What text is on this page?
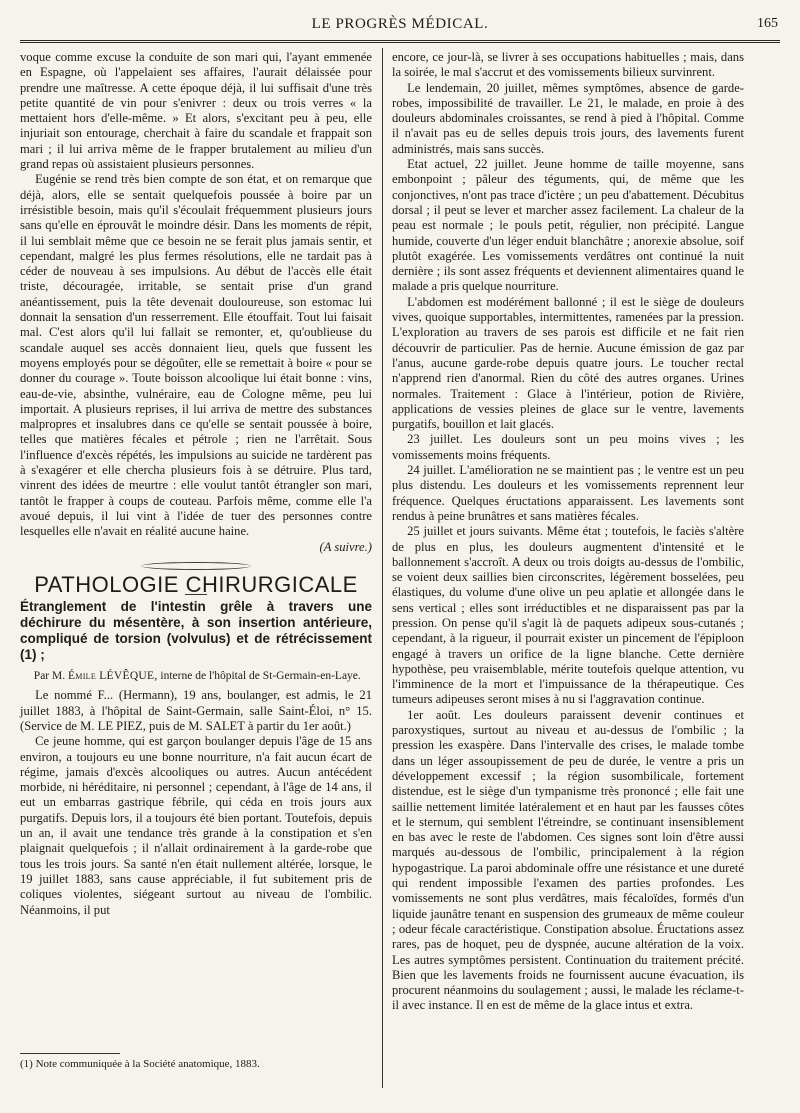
LE PROGRÈS MÉDICAL.	165

voque comme excuse la conduite de son mari qui, l'ayant emmenée en Espagne, où l'appelaient ses affaires, l'aurait délaissée pour prendre une maîtresse. A cette époque déjà, il lui suffisait d'une très petite quantité de vin pour s'enivrer : deux ou trois verres « la mettaient hors d'elle-même. » Et alors, s'excitant peu à peu, elle injuriait son entourage, cherchait à faire du scandale et frappait son mari ; il lui arriva même de le frapper brutalement au milieu d'un grand repas où assistaient plusieurs personnes.

Eugénie se rend très bien compte de son état, et on remarque que déjà, alors, elle se sentait quelquefois poussée à boire par un irrésistible besoin, mais qu'il s'écoulait fréquemment plusieurs jours sans qu'elle en éprouvât le moindre désir. Dans les moments de répit, il lui semblait même que ce besoin ne se ferait plus jamais sentir, et cependant, malgré les plus fermes résolutions, elle ne tardait pas à céder de nouveau à ses impulsions. Au début de l'accès elle était triste, découragée, irritable, se sentait prise d'un grand anéantissement, puis la tête devenait douloureuse, son estomac lui donnait la sensation d'un resserrement. Elle étouffait. Tout lui faisait mal. C'est alors qu'il lui fallait se remonter, et, qu'oublieuse du scandale auquel ses accès donnaient lieu, quels que fussent les moyens employés pour se dégoûter, elle se remettait à boire « pour se donner du courage ». Toute boisson alcoolique lui était bonne : vins, eau-de-vie, absinthe, vulnéraire, eau de Cologne même, peu lui importait. A plusieurs reprises, il lui arriva de mettre des substances malpropres et insalubres dans ce qu'elle se sentait poussée à boire, telles que matières fécales et pétrole ; rien ne l'arrêtait. Sous l'influence d'excès répétés, les impulsions au suicide ne tardèrent pas à s'exagérer et elle chercha plusieurs fois à se détruire. Plus tard, vinrent des idées de meurtre : elle voulut tantôt étrangler son mari, tantôt le frapper à coups de couteau. Parfois même, comme elle l'a avoué depuis, il lui vint à l'idée de tuer des personnes contre lesquelles elle n'avait en réalité aucune haine.

(A suivre.)
PATHOLOGIE CHIRURGICALE
Étranglement de l'intestin grêle à travers une déchirure du mésentère, à son insertion antérieure, compliqué de torsion (volvulus) et de rétrécissement (1) ;
Par M. Émile LÉVÊQUE, interne de l'hôpital de St-Germain-en-Laye.

Le nommé F... (Hermann), 19 ans, boulanger, est admis, le 21 juillet 1883, à l'hôpital de Saint-Germain, salle Saint-Éloi, n° 15. (Service de M. LE PIEZ, puis de M. SALET à partir du 1er août.)

Ce jeune homme, qui est garçon boulanger depuis l'âge de 15 ans environ, a toujours eu une bonne nourriture, n'a fait aucun écart de régime, jamais d'excès alcooliques ou autres. Aucun antécédent morbide, ni héréditaire, ni personnel ; cependant, à l'âge de 14 ans, il eut un embarras gastrique fébrile, qui céda en trois jours aux purgatifs. Depuis lors, il a toujours été bien portant. Toutefois, depuis un an, il avait une tendance très grande à la constipation et s'en plaignait quelquefois ; il n'allait ordinairement à la garde-robe que tous les trois jours. Sa santé n'en était nullement altérée, lorsque, le 19 juillet 1883, sans cause appréciable, il fut subitement pris de coliques violentes, siégeant surtout au niveau de l'ombilic. Néanmoins, il put

(1) Note communiquée à la Société anatomique, 1883.

encore, ce jour-là, se livrer à ses occupations habituelles ; mais, dans la soirée, le mal s'accrut et des vomissements bilieux survinrent.

Le lendemain, 20 juillet, mêmes symptômes, absence de garde-robes, impossibilité de travailler. Le 21, le malade, en proie à des douleurs abdominales croissantes, se rend à pied à l'hôpital. Comme il n'avait pas eu de selles depuis trois jours, des lavements furent administrés, mais sans succès.

Etat actuel, 22 juillet. Jeune homme de taille moyenne, sans embonpoint ; pâleur des téguments, qui, de même que les conjonctives, n'ont pas trace d'ictère ; un peu d'abattement. Décubitus dorsal ; il peut se lever et marcher assez facilement. La chaleur de la peau est normale ; le pouls petit, régulier, non précipité. Langue humide, couverte d'un léger enduit blanchâtre ; anorexie absolue, soif plutôt exagérée. Les vomissements verdâtres ont continué la nuit dernière ; ils sont assez fréquents et deviennent alimentaires quand le malade a pris quelque nourriture.

L'abdomen est modérément ballonné ; il est le siège de douleurs vives, quoique supportables, intermittentes, ramenées par la pression. L'exploration au travers de ses parois est difficile et ne fait rien découvrir de particulier. Pas de hernie. Aucune émission de gaz par l'anus, aucune garde-robe depuis quatre jours. Le toucher rectal n'apprend rien d'anormal. Rien du côté des autres organes. Urines normales. Traitement : Glace à l'intérieur, potion de Rivière, applications de vessies pleines de glace sur le ventre, lavements purgatifs, bouillon et lait glacés.

23 juillet. Les douleurs sont un peu moins vives ; les vomissements moins fréquents.

24 juillet. L'amélioration ne se maintient pas ; le ventre est un peu plus distendu. Les douleurs et les vomissements reprennent leur fréquence. Quelques éructations apparaissent. Les lavements sont rendus à peine brunâtres et sans matières fécales.

25 juillet et jours suivants. Même état ; toutefois, le faciès s'altère de plus en plus, les douleurs augmentent d'intensité et le ballonnement s'accroît. A deux ou trois doigts au-dessus de l'ombilic, se voient deux saillies bien circonscrites, légèrement bosselées, peu élastiques, du volume d'une olive un peu aplatie et allongée dans le sens vertical ; elles sont irréductibles et ne disparaissent pas par la pression. On pense qu'il s'agit là de paquets adipeux sous-cutanés ; cependant, à la rigueur, il pourrait exister un pincement de l'épiploon engagé à travers un orifice de la ligne blanche. Cette dernière hypothèse, peu vraisemblable, mérite toutefois quelque attention, vu l'imminence de la mort et l'impuissance de la thérapeutique. Ces tumeurs adipeuses seront mises à nu si l'aggravation continue.

1er août. Les douleurs paraissent devenir continues et paroxystiques, surtout au niveau et au-dessus de l'ombilic ; la pression les exaspère. Dans l'intervalle des crises, le malade tombe dans un léger assoupissement de peu de durée, le ventre a pris un développement excessif ; la région susombilicale, fortement distendue, est le siège d'un tympanisme très prononcé ; elle fait une saillie nettement limitée latéralement et en haut par les fausses côtes et le sternum, qui semblent l'étreindre, se continuant insensiblement en bas avec le reste de l'abdomen. Ces signes sont loin d'être aussi marqués au-dessous de l'ombilic, principalement à la région hypogastrique. La paroi abdominale offre une résistance et une dureté qui rendent impossible l'examen des parties profondes. Les vomissements ne sont plus verdâtres, mais fécaloïdes, formés d'un liquide jaunâtre tenant en suspension des grumeaux de même couleur ; odeur fécale caractéristique. Constipation absolue. Éructations assez rares, pas de hoquet, peu de dyspnée, aucune altération de la voix. Les autres symptômes persistent. Continuation du traitement précité. Bien que les lavements froids ne fournissent aucune évacuation, ils procurent néanmoins du soulagement ; aussi, le malade les réclame-t-il avec instance. Il en est de même de la glace intus et extra.
